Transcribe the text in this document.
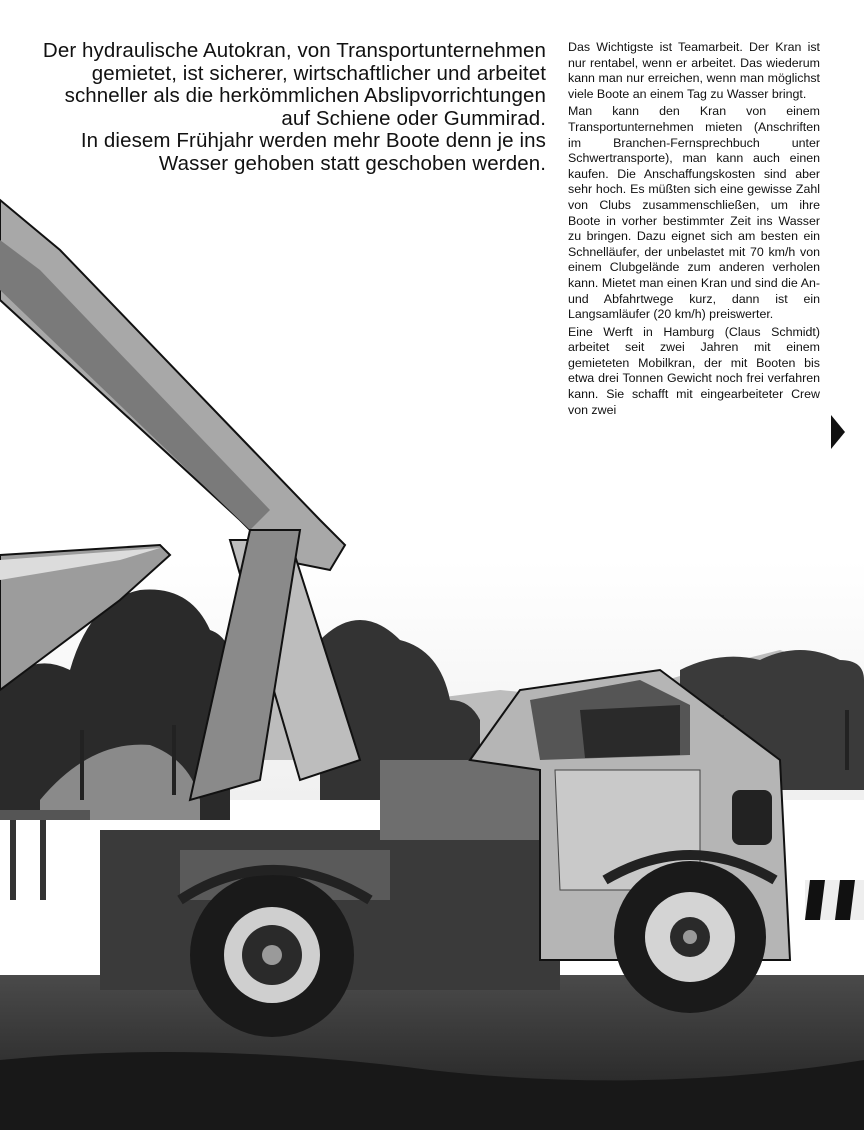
Der hydraulische Autokran, von Transportunternehmen gemietet, ist sicherer, wirtschaftlicher und arbeitet schneller als die herkömmlichen Abslipvorrichtungen auf Schiene oder Gummirad.

In diesem Frühjahr werden mehr Boote denn je ins Wasser gehoben statt geschoben werden.

Das Wichtigste ist Teamarbeit. Der Kran ist nur rentabel, wenn er arbeitet. Das wiederum kann man nur erreichen, wenn man möglichst viele Boote an einem Tag zu Wasser bringt.

Man kann den Kran von einem Transportunternehmen mieten (Anschriften im Branchen-Fernsprechbuch unter Schwertransporte), man kann auch einen kaufen. Die Anschaffungskosten sind aber sehr hoch. Es müßten sich eine gewisse Zahl von Clubs zusammenschließen, um ihre Boote in vorher bestimmter Zeit ins Wasser zu bringen. Dazu eignet sich am besten ein Schnelläufer, der unbelastet mit 70 km/h von einem Clubgelände zum anderen verholen kann. Mietet man einen Kran und sind die An- und Abfahrtwege kurz, dann ist ein Langsamläufer (20 km/h) preiswerter.

Eine Werft in Hamburg (Claus Schmidt) arbeitet seit zwei Jahren mit einem gemieteten Mobilkran, der mit Booten bis etwa drei Tonnen Gewicht noch frei verfahren kann. Sie schafft mit eingearbeiteter Crew von zwei
